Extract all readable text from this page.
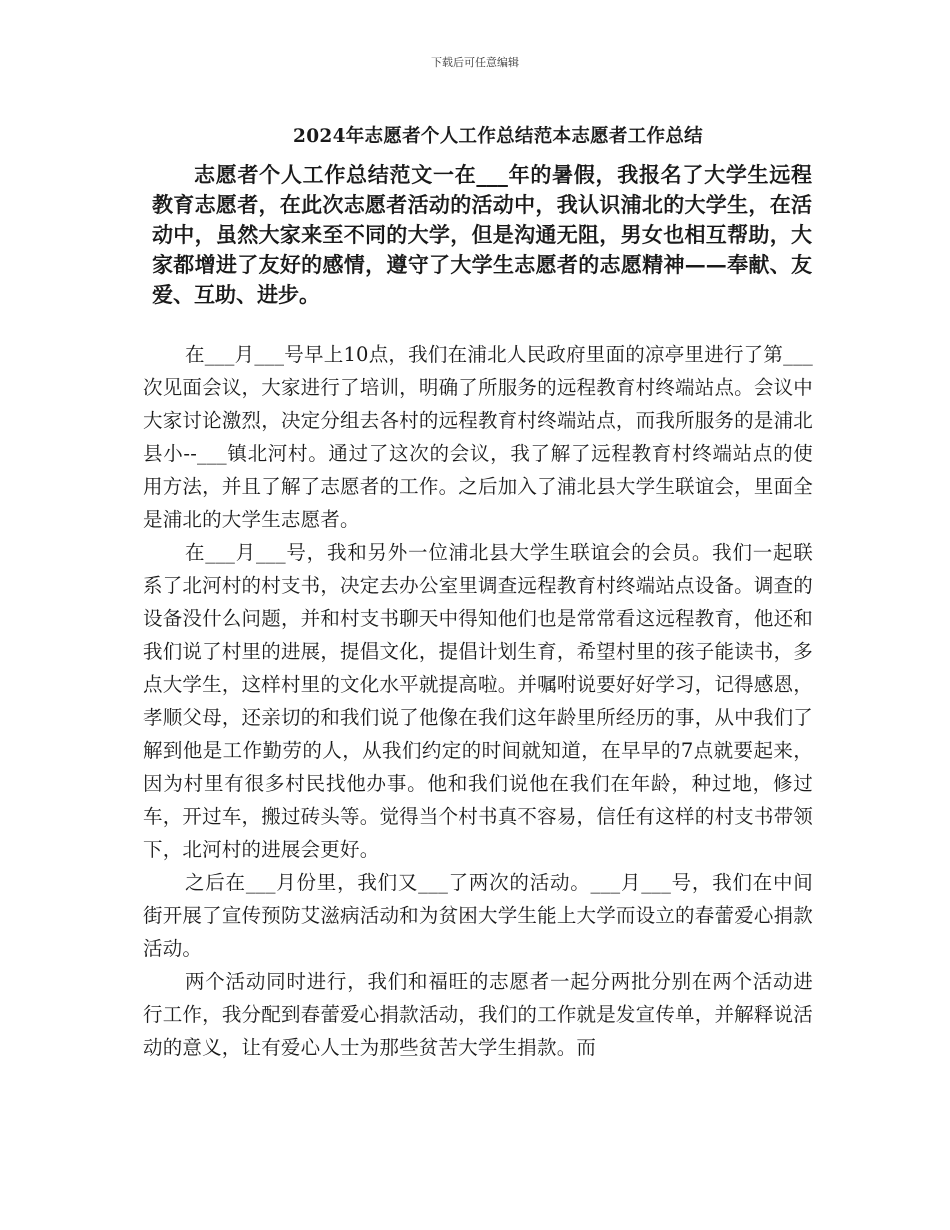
下载后可任意编辑
2024年志愿者个人工作总结范本志愿者工作总结

志愿者个人工作总结范文一在___年的暑假，我报名了大学生远程教育志愿者，在此次志愿者活动的活动中，我认识浦北的大学生，在活动中，虽然大家来至不同的大学，但是沟通无阻，男女也相互帮助，大家都增进了友好的感情，遵守了大学生志愿者的志愿精神——奉献、友爱、互助、进步。

在___月___号早上10点，我们在浦北人民政府里面的凉亭里进行了第___次见面会议，大家进行了培训，明确了所服务的远程教育村终端站点。会议中大家讨论激烈，决定分组去各村的远程教育村终端站点，而我所服务的是浦北县小--___镇北河村。通过了这次的会议，我了解了远程教育村终端站点的使用方法，并且了解了志愿者的工作。之后加入了浦北县大学生联谊会，里面全是浦北的大学生志愿者。

在___月___号，我和另外一位浦北县大学生联谊会的会员。我们一起联系了北河村的村支书，决定去办公室里调查远程教育村终端站点设备。调查的设备没什么问题，并和村支书聊天中得知他们也是常常看这远程教育，他还和我们说了村里的进展，提倡文化，提倡计划生育，希望村里的孩子能读书，多点大学生，这样村里的文化水平就提高啦。并嘱咐说要好好学习，记得感恩，孝顺父母，还亲切的和我们说了他像在我们这年龄里所经历的事，从中我们了解到他是工作勤劳的人，从我们约定的时间就知道，在早早的7点就要起来，因为村里有很多村民找他办事。他和我们说他在我们在年龄，种过地，修过车，开过车，搬过砖头等。觉得当个村书真不容易，信任有这样的村支书带领下，北河村的进展会更好。

之后在___月份里，我们又___了两次的活动。___月___号，我们在中间街开展了宣传预防艾滋病活动和为贫困大学生能上大学而设立的春蕾爱心捐款活动。

两个活动同时进行，我们和福旺的志愿者一起分两批分别在两个活动进行工作，我分配到春蕾爱心捐款活动，我们的工作就是发宣传单，并解释说活动的意义，让有爱心人士为那些贫苦大学生捐款。而
